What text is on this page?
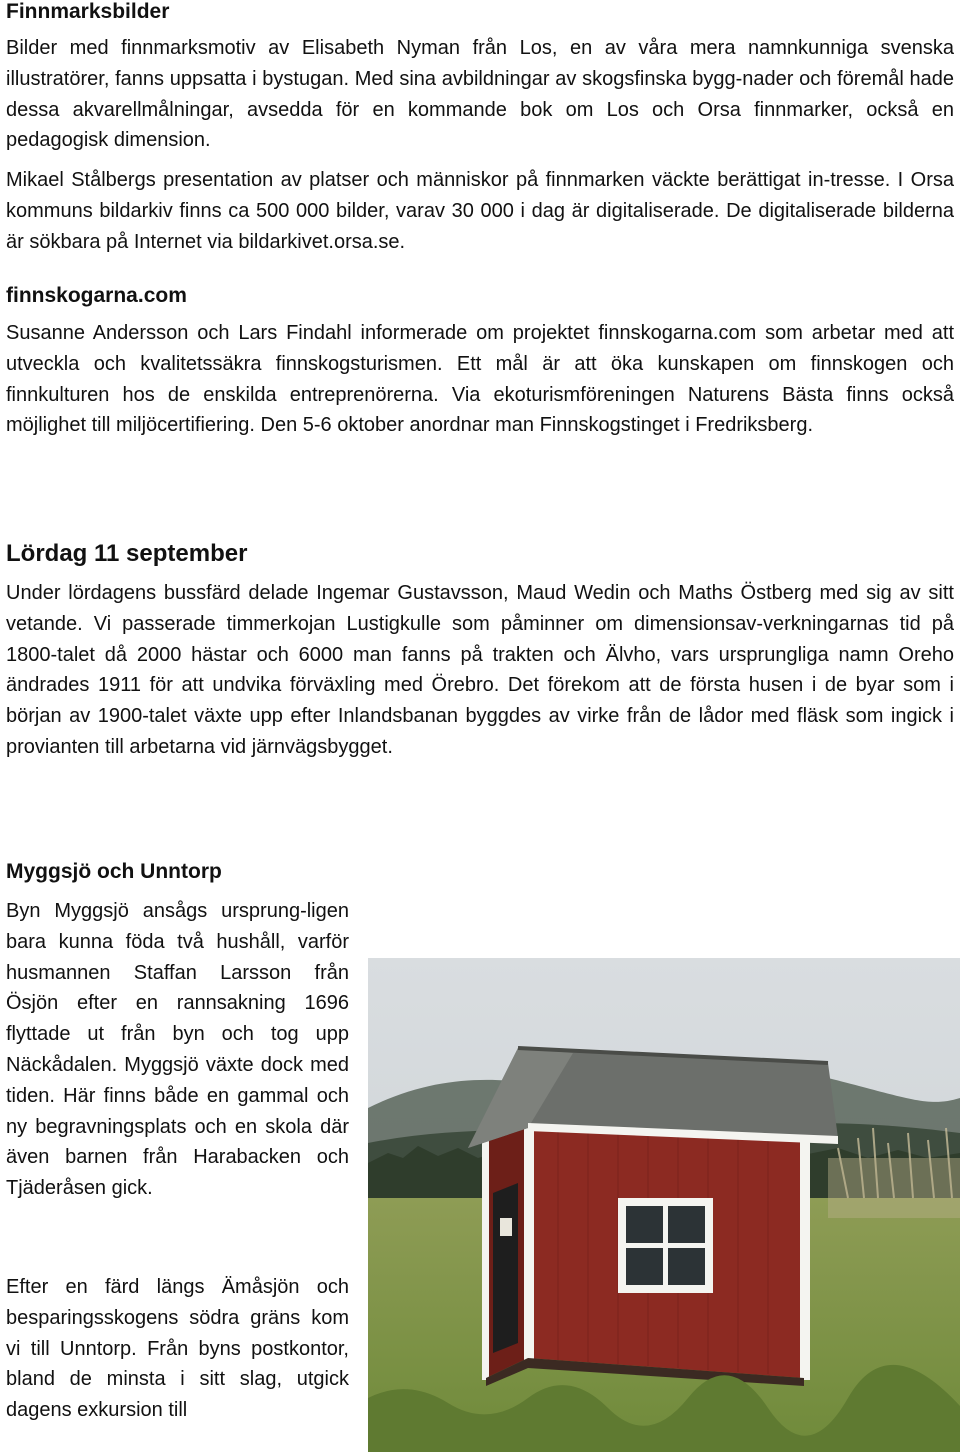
Finnmarksbilder

Bilder med finnmarksmotiv av Elisabeth Nyman från Los, en av våra mera namnkunniga svenska illustratörer, fanns uppsatta i bystugan. Med sina avbildningar av skogsfinska bygg-nader och föremål hade dessa akvarellmålningar, avsedda för en kommande bok om Los och Orsa finnmarker, också en pedagogisk dimension.

Mikael Stålbergs presentation av platser och människor på finnmarken väckte berättigat in-tresse. I Orsa kommuns bildarkiv finns ca 500 000 bilder, varav 30 000 i dag är digitaliserade. De digitaliserade bilderna är sökbara på Internet via bildarkivet.orsa.se.

finnskogarna.com

Susanne Andersson och Lars Findahl informerade om projektet finnskogarna.com som arbetar med att utveckla och kvalitetssäkra finnskogsturismen. Ett mål är att öka kunskapen om finnskogen och finnkulturen hos de enskilda entreprenörerna. Via ekoturismföreningen Naturens Bästa finns också möjlighet till miljöcertifiering. Den 5-6 oktober anordnar man Finnskogstinget i Fredriksberg.

Lördag 11 september

Under lördagens bussfärd delade Ingemar Gustavsson, Maud Wedin och Maths Östberg med sig av sitt vetande. Vi passerade timmerkojan Lustigkulle som påminner om dimensionsav-verkningarnas tid på 1800-talet då 2000 hästar och 6000 man fanns på trakten och Älvho, vars ursprungliga namn Oreho ändrades 1911 för att undvika förväxling med Örebro. Det förekom att de första husen i de byar som i början av 1900-talet växte upp efter Inlandsbanan byggdes av virke från de lådor med fläsk som ingick i provianten till arbetarna vid järnvägsbygget.

Myggsjö och Unntorp

Byn Myggsjö ansågs ursprung-ligen bara kunna föda två hushåll, varför husmannen Staffan Larsson från Ösjön efter en rannsakning 1696 flyttade ut från byn och tog upp Näckådalen. Myggsjö växte dock med tiden. Här finns både en gammal och ny begravningsplats och en skola där även barnen från Harabacken och Tjäderåsen gick.

Efter en färd längs Ämåsjön och besparingsskogens södra gräns kom vi till Unntorp. Från byns postkontor, bland de minsta i sitt slag, utgick dagens exkursion till
